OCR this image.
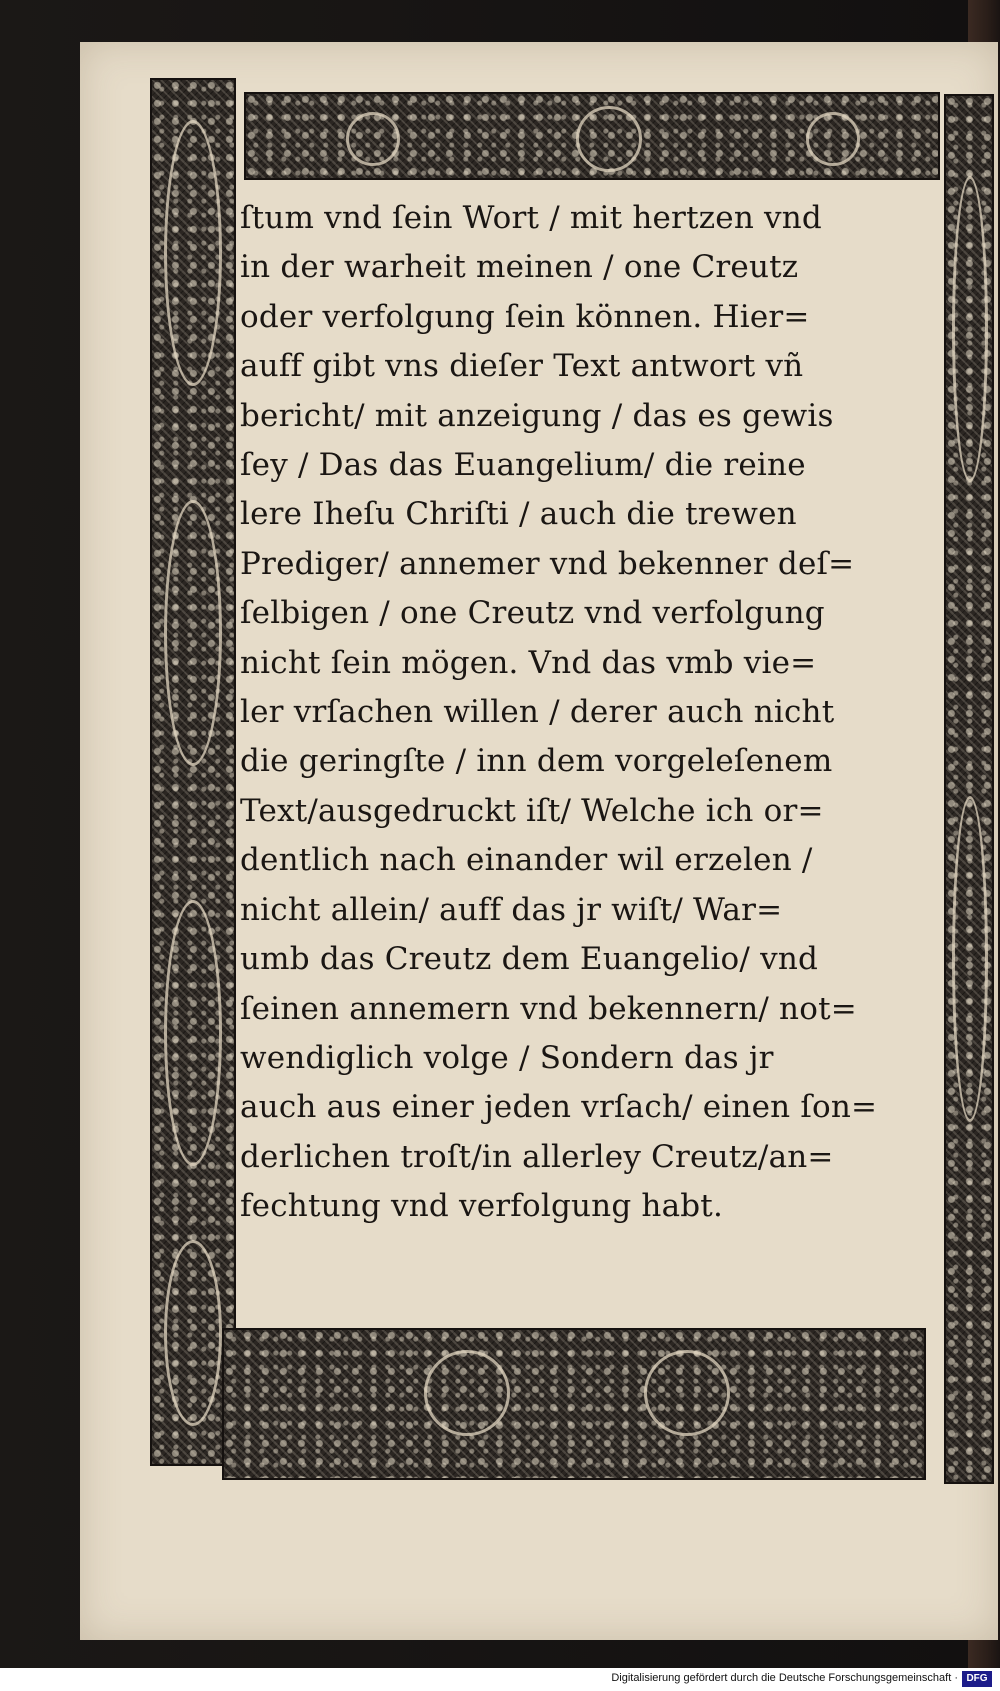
ſtum vnd ſein Wort / mit hertzen vnd
in der warheit meinen / one Creutz
oder verfolgung ſein können. Hier=
auff gibt vns dieſer Text antwort vñ
bericht/ mit anzeigung / das es gewis
ſey / Das das Euangelium/ die reine
lere Iheſu Chriſti / auch die trewen
Prediger/ annemer vnd bekenner deſ=
ſelbigen / one Creutz vnd verfolgung
nicht ſein mögen. Vnd das vmb vie=
ler vrſachen willen / derer auch nicht
die geringſte / inn dem vorgeleſenem
Text/ausgedruckt iſt/ Welche ich or=
dentlich nach einander wil erzelen /
nicht allein/ auff das jr wiſt/ War=
umb das Creutz dem Euangelio/ vnd
ſeinen annemern vnd bekennern/ not=
wendiglich volge / Sondern das jr
auch aus einer jeden vrſach/ einen ſon=
derlichen troſt/in allerley Creutz/an=
fechtung vnd verfolgung habt.
Digitalisierung gefördert durch die Deutsche Forschungsgemeinschaft · DFG
